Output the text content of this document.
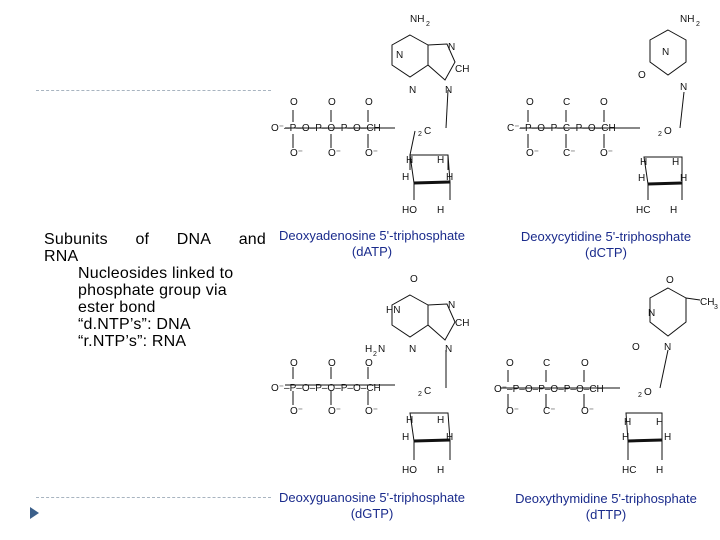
Subunits of DNA and
RNA
Nucleosides linked to
phosphate group via
ester bond
“d.NTP’s”: DNA
“r.NTP’s”: RNA
NH 2
N
N
CH
N	N
O	O	O
O⁻–P–O–P–O–P–O–CH
2 C
O⁻ O⁻ O⁻
H H
H	H
HO H
NH 2
N
O
N
O	C	O
C⁻–P–O–P–C–P–O–CH
2 O
O⁻ C⁻ O⁻
H H
H	H
HC H
O
HN	N
CH
H 2 N N	N
O	O	O
O⁻–P–O–P–O–P–O–CH
2 C
O⁻ O⁻ O⁻
H H
H	H
HO H
O
CH 3
N
O N
O	C	O
O⁻–P–O–P–O–P–O–CH
2 O
O⁻ C⁻	O⁻
H H
H	H
HC H
Deoxyadenosine 5'-triphosphate
(dATP)
Deoxycytidine 5'-triphosphate
(dCTP)
Deoxyguanosine 5'-triphosphate
(dGTP)
Deoxythymidine 5'-triphosphate
(dTTP)
